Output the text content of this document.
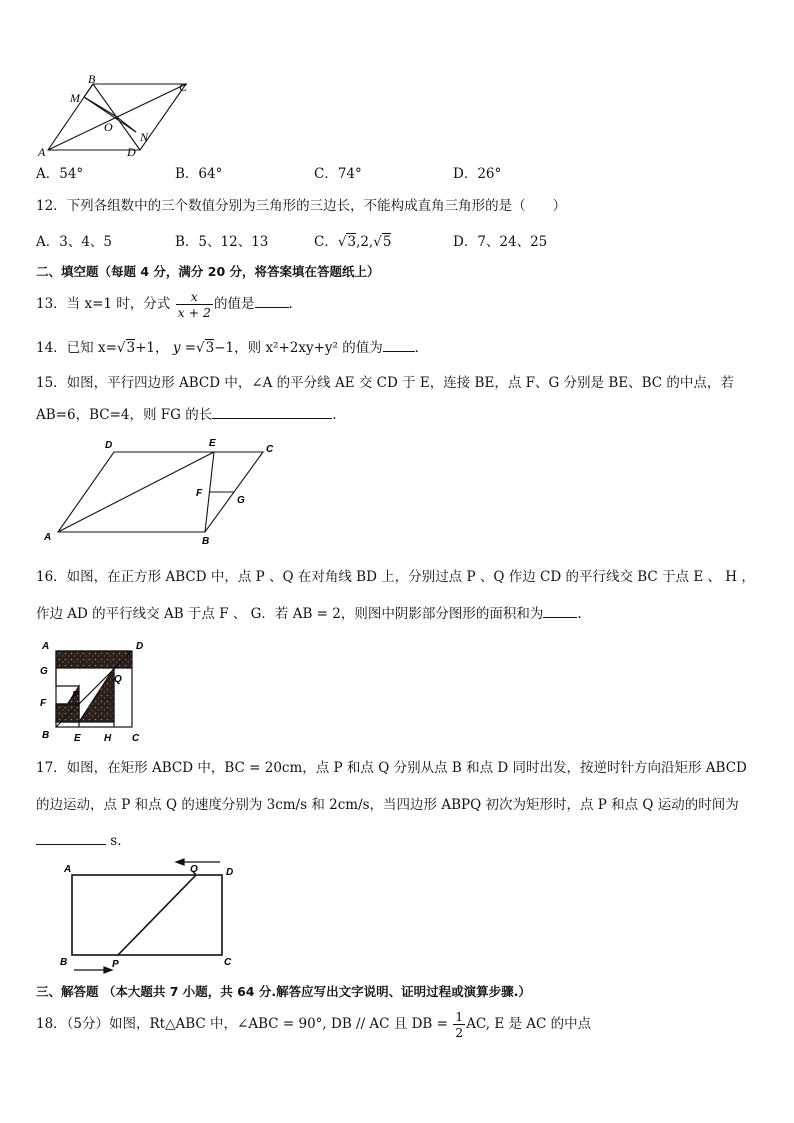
B
C
M
O
N
A	D
A．54°	B．64°	C．74°	D．26°
12．下列各组数中的三个数值分别为三角形的三边长，不能构成直角三角形的是（　　）
A．3、4、5	B．5、12、13	C．√3,2,√5	D．7、24、25
二、填空题（每题 4 分，满分 20 分，将答案填在答题纸上）
13．当 x=1 时，分式 $\frac{x}{x + 2}$ 的值是	.
14．已知 x=√3+1， y =√3−1，则 x²+2xy+y² 的值为 ．
15．如图，平行四边形 ABCD 中，∠A 的平分线 AE 交 CD 于 E，连接 BE，点 F、G 分别是 BE、BC 的中点，若
AB=6，BC=4，则 FG 的长	.
D	E
C
F
G
A	B
16．如图，在正方形 ABCD 中，点 P 、Q 在对角线 BD 上，分别过点 P 、Q 作边 CD 的平行线交 BC 于点 E 、 H ，
作边 AD 的平行线交 AB 于点 F 、 G．若 AB = 2，则图中阴影部分图形的面积和为	.
A	D
G
Q
P
F
B E H C
17．如图，在矩形 ABCD 中，BC = 20cm，点 P 和点 Q 分别从点 B 和点 D 同时出发，按逆时针方向沿矩形 ABCD
的边运动，点 P 和点 Q 的速度分别为 3cm/s 和 2cm/s，当四边形 ABPQ 初次为矩形时，点 P 和点 Q 运动的时间为
s．
A	Q	D
B	P	C
三、解答题 （本大题共 7 小题，共 64 分.解答应写出文字说明、证明过程或演算步骤.）
18．（5分）如图，Rt△ABC 中，∠ABC = 90°, DB // AC 且 DB = $\frac{1}{2}$ AC, E 是 AC 的中点
